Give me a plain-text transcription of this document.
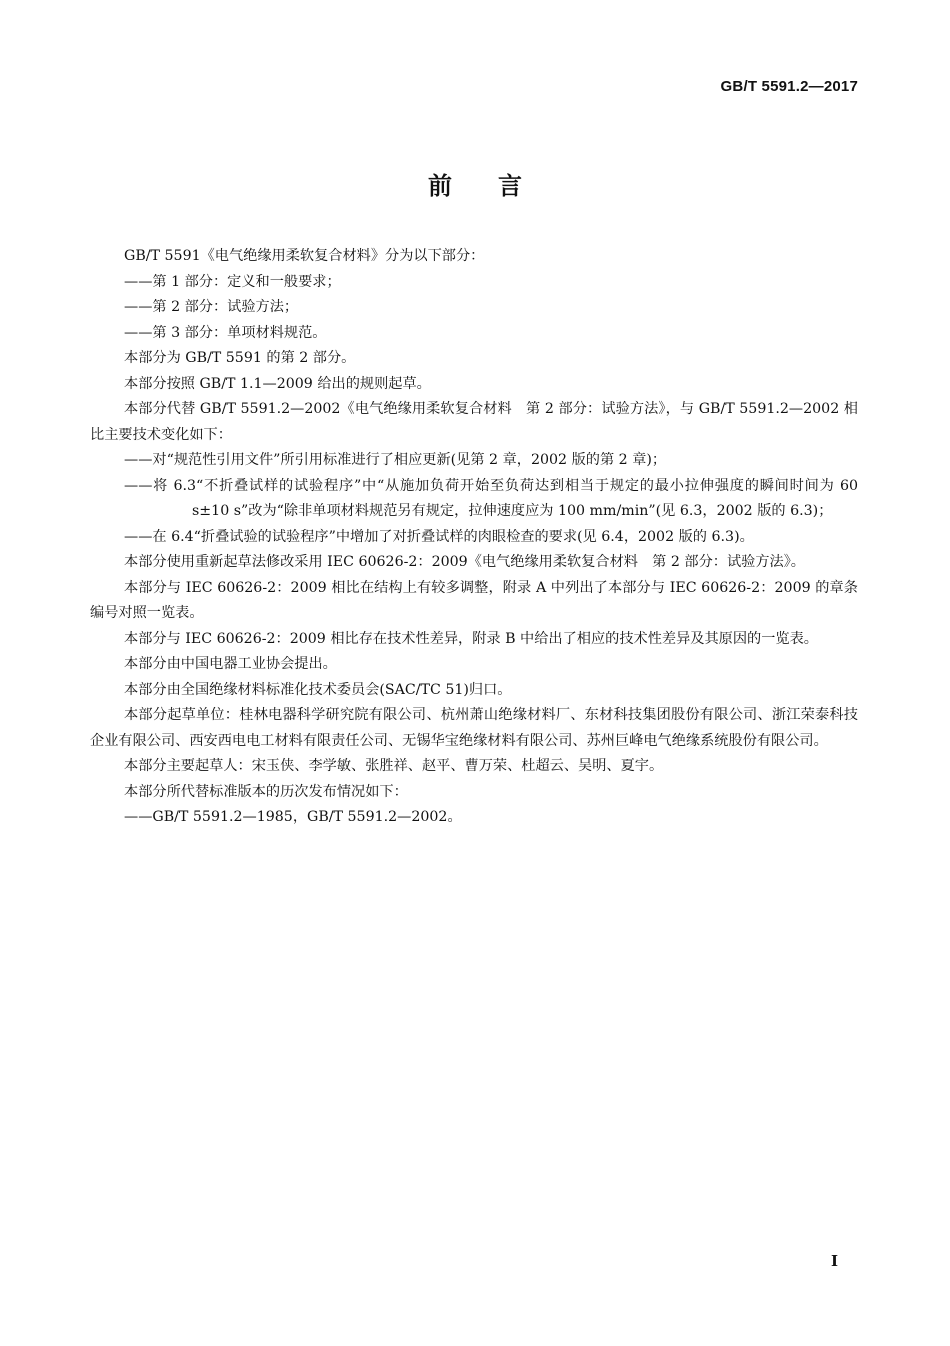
GB/T 5591.2—2017
前言

GB/T 5591《电气绝缘用柔软复合材料》分为以下部分：

——第 1 部分：定义和一般要求；

——第 2 部分：试验方法；

——第 3 部分：单项材料规范。

本部分为 GB/T 5591 的第 2 部分。

本部分按照 GB/T 1.1—2009 给出的规则起草。

本部分代替 GB/T 5591.2—2002《电气绝缘用柔软复合材料　第 2 部分：试验方法》，与 GB/T 5591.2—2002 相比主要技术变化如下：

——对“规范性引用文件”所引用标准进行了相应更新(见第 2 章，2002 版的第 2 章)；

——将 6.3“不折叠试样的试验程序”中“从施加负荷开始至负荷达到相当于规定的最小拉伸强度的瞬间时间为 60 s±10 s”改为“除非单项材料规范另有规定，拉伸速度应为 100 mm/min”(见 6.3，2002 版的 6.3)；

——在 6.4“折叠试验的试验程序”中增加了对折叠试样的肉眼检查的要求(见 6.4，2002 版的 6.3)。

本部分使用重新起草法修改采用 IEC 60626-2：2009《电气绝缘用柔软复合材料　第 2 部分：试验方法》。

本部分与 IEC 60626-2：2009 相比在结构上有较多调整，附录 A 中列出了本部分与 IEC 60626-2：2009 的章条编号对照一览表。

本部分与 IEC 60626-2：2009 相比存在技术性差异，附录 B 中给出了相应的技术性差异及其原因的一览表。

本部分由中国电器工业协会提出。

本部分由全国绝缘材料标准化技术委员会(SAC/TC 51)归口。

本部分起草单位：桂林电器科学研究院有限公司、杭州萧山绝缘材料厂、东材科技集团股份有限公司、浙江荣泰科技企业有限公司、西安西电电工材料有限责任公司、无锡华宝绝缘材料有限公司、苏州巨峰电气绝缘系统股份有限公司。

本部分主要起草人：宋玉侠、李学敏、张胜祥、赵平、曹万荣、杜超云、吴明、夏宇。

本部分所代替标准版本的历次发布情况如下：

——GB/T 5591.2—1985，GB/T 5591.2—2002。

I
